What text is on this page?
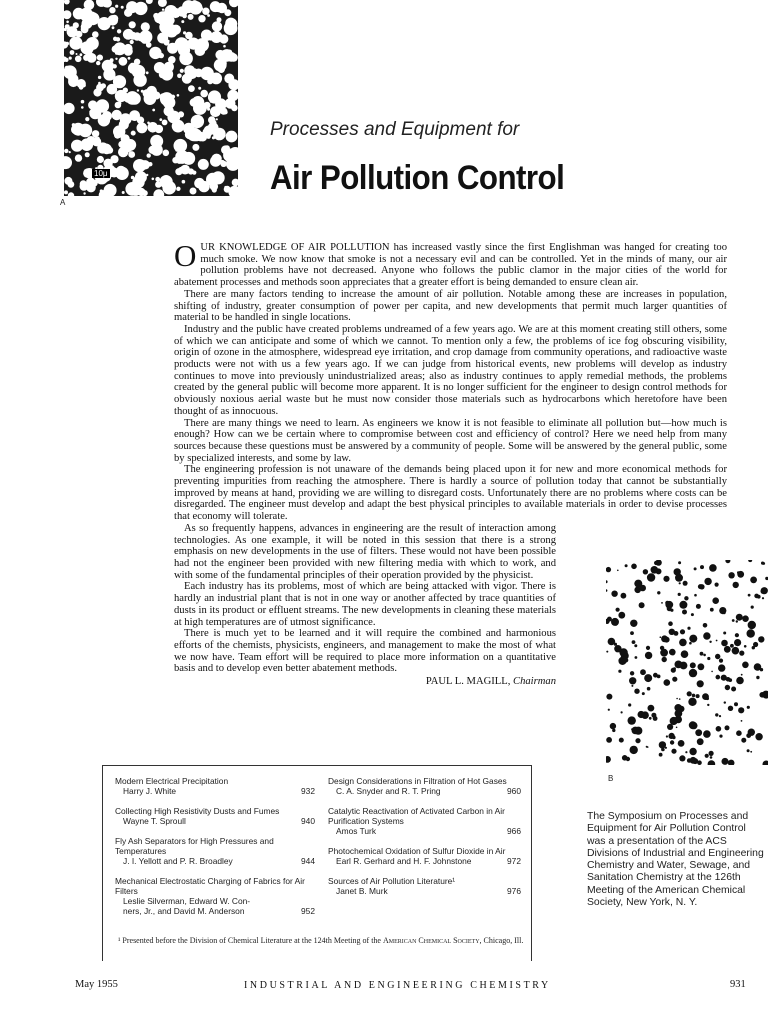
A
10μ
Processes and Equipment for
Air Pollution Control

OUR KNOWLEDGE OF AIR POLLUTION has increased vastly since the first Englishman was hanged for creating too much smoke. We now know that smoke is not a necessary evil and can be controlled. Yet in the minds of many, our air pollution problems have not decreased. Anyone who follows the public clamor in the major cities of the world for abatement processes and methods soon appreciates that a greater effort is being demanded to ensure clean air.

There are many factors tending to increase the amount of air pollution. Notable among these are increases in population, shifting of industry, greater consumption of power per capita, and new developments that permit much larger quantities of material to be handled in single locations.

Industry and the public have created problems undreamed of a few years ago. We are at this moment creating still others, some of which we can anticipate and some of which we cannot. To mention only a few, the problems of ice fog obscuring visibility, origin of ozone in the atmosphere, widespread eye irritation, and crop damage from community operations, and radioactive waste products were not with us a few years ago. If we can judge from historical events, new problems will develop as industry continues to move into previously unindustrialized areas; also as industry continues to apply remedial methods, the problems created by the general public will become more apparent. It is no longer sufficient for the engineer to design control methods for obviously noxious aerial waste but he must now consider those materials such as hydrocarbons which heretofore have been thought of as innocuous.

There are many things we need to learn. As engineers we know it is not feasible to eliminate all pollution but—how much is enough? How can we be certain where to compromise between cost and efficiency of control? Here we need help from many sources because these questions must be answered by a community of people. Some will be answered by the general public, some by specialized interests, and some by law.

The engineering profession is not unaware of the demands being placed upon it for new and more economical methods for preventing impurities from reaching the atmosphere. There is hardly a source of pollution today that cannot be substantially improved by means at hand, providing we are willing to disregard costs. Unfortunately there are no problems where costs can be disregarded. The engineer must develop and adapt the best physical principles to available materials in order to devise processes that economy will tolerate.

As so frequently happens, advances in engineering are the result of interaction among technologies. As one example, it will be noted in this session that there is a strong emphasis on new developments in the use of filters. These would not have been possible had not the engineer been provided with new filtering media with which to work, and with some of the fundamental principles of their operation provided by the physicist.

Each industry has its problems, most of which are being attacked with vigor. There is hardly an industrial plant that is not in one way or another affected by trace quantities of dusts in its product or effluent streams. The new developments in cleaning these materials at high temperatures are of utmost significance.

There is much yet to be learned and it will require the combined and harmonious efforts of the chemists, physicists, engineers, and management to make the most of what we now have. Team effort will be required to place more information on a quantitative basis and to develop even better abatement methods.

PAUL L. MAGILL, Chairman
B
Modern Electrical Precipitation
Harry J. White	932
Collecting High Resistivity Dusts and Fumes
Wayne T. Sproull	940
Fly Ash Separators for High Pressures and Temperatures
J. I. Yellott and P. R. Broadley	944
Mechanical Electrostatic Charging of Fabrics for Air Filters
Leslie Silverman, Edward W. Con-
ners, Jr., and David M. Anderson	952
Design Considerations in Filtration of Hot Gases
C. A. Snyder and R. T. Pring	960
Catalytic Reactivation of Activated Carbon in Air Purification Systems
Amos Turk	966
Photochemical Oxidation of Sulfur Dioxide in Air
Earl R. Gerhard and H. F. Johnstone	972
Sources of Air Pollution Literature¹
Janet B. Murk	976
¹ Presented before the Division of Chemical Literature at the 124th Meeting of the American Chemical Society, Chicago, Ill.
The Symposium on Processes and Equipment for Air Pollution Control was a presentation of the ACS Divisions of Industrial and Engineering Chemistry and Water, Sewage, and Sanitation Chemistry at the 126th Meeting of the American Chemical Society, New York, N. Y.
May 1955	INDUSTRIAL AND ENGINEERING CHEMISTRY	931
